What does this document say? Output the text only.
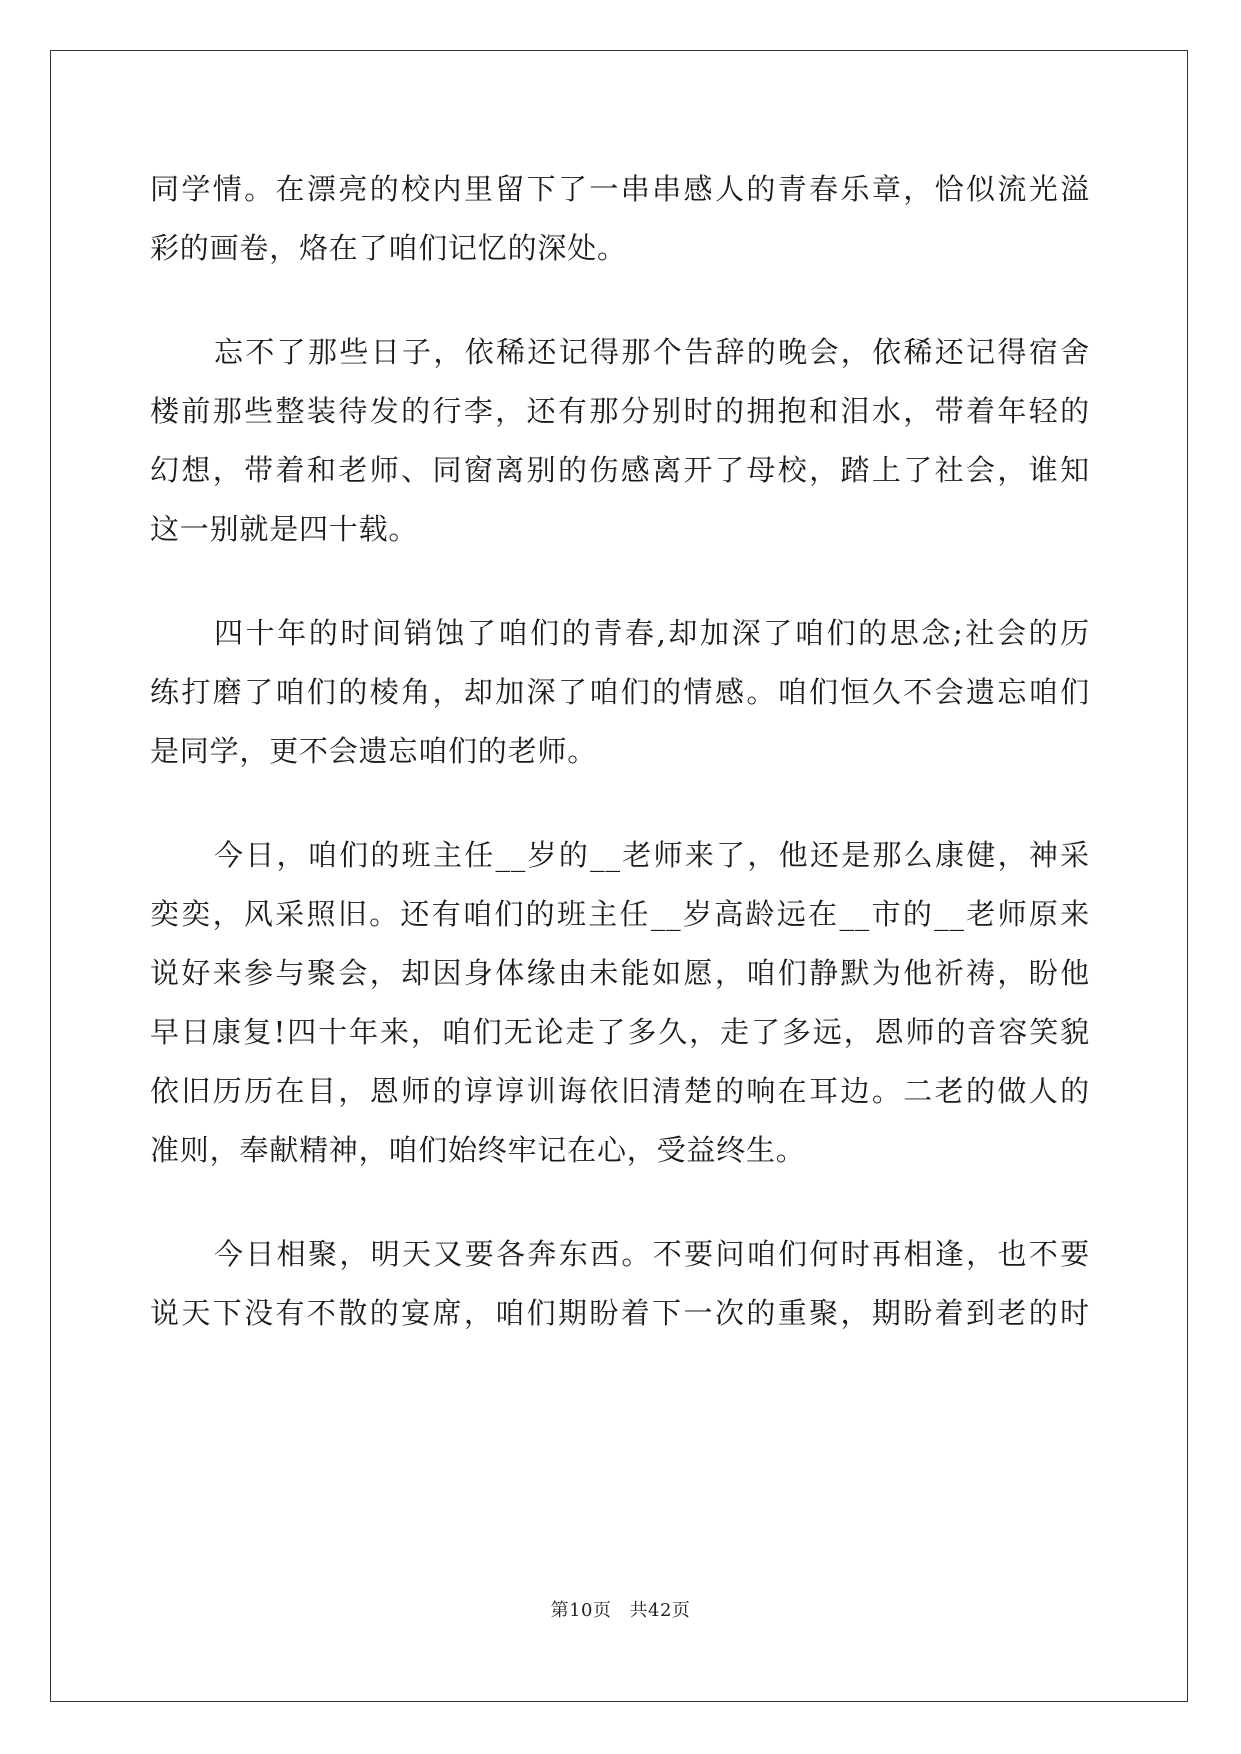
同学情。在漂亮的校内里留下了一串串感人的青春乐章，恰似流光溢
彩的画卷，烙在了咱们记忆的深处。
忘不了那些日子，依稀还记得那个告辞的晚会，依稀还记得宿舍
楼前那些整装待发的行李，还有那分别时的拥抱和泪水，带着年轻的
幻想，带着和老师、同窗离别的伤感离开了母校，踏上了社会，谁知
这一别就是四十载。
四十年的时间销蚀了咱们的青春,却加深了咱们的思念;社会的历
练打磨了咱们的棱角，却加深了咱们的情感。咱们恒久不会遗忘咱们
是同学，更不会遗忘咱们的老师。
今日，咱们的班主任__岁的__老师来了，他还是那么康健，神采
奕奕，风采照旧。还有咱们的班主任__岁高龄远在__市的__老师原来
说好来参与聚会，却因身体缘由未能如愿，咱们静默为他祈祷，盼他
早日康复!四十年来，咱们无论走了多久，走了多远，恩师的音容笑貌
依旧历历在目，恩师的谆谆训诲依旧清楚的响在耳边。二老的做人的
准则，奉献精神，咱们始终牢记在心，受益终生。
今日相聚，明天又要各奔东西。不要问咱们何时再相逢，也不要
说天下没有不散的宴席，咱们期盼着下一次的重聚，期盼着到老的时
第10页 共42页
